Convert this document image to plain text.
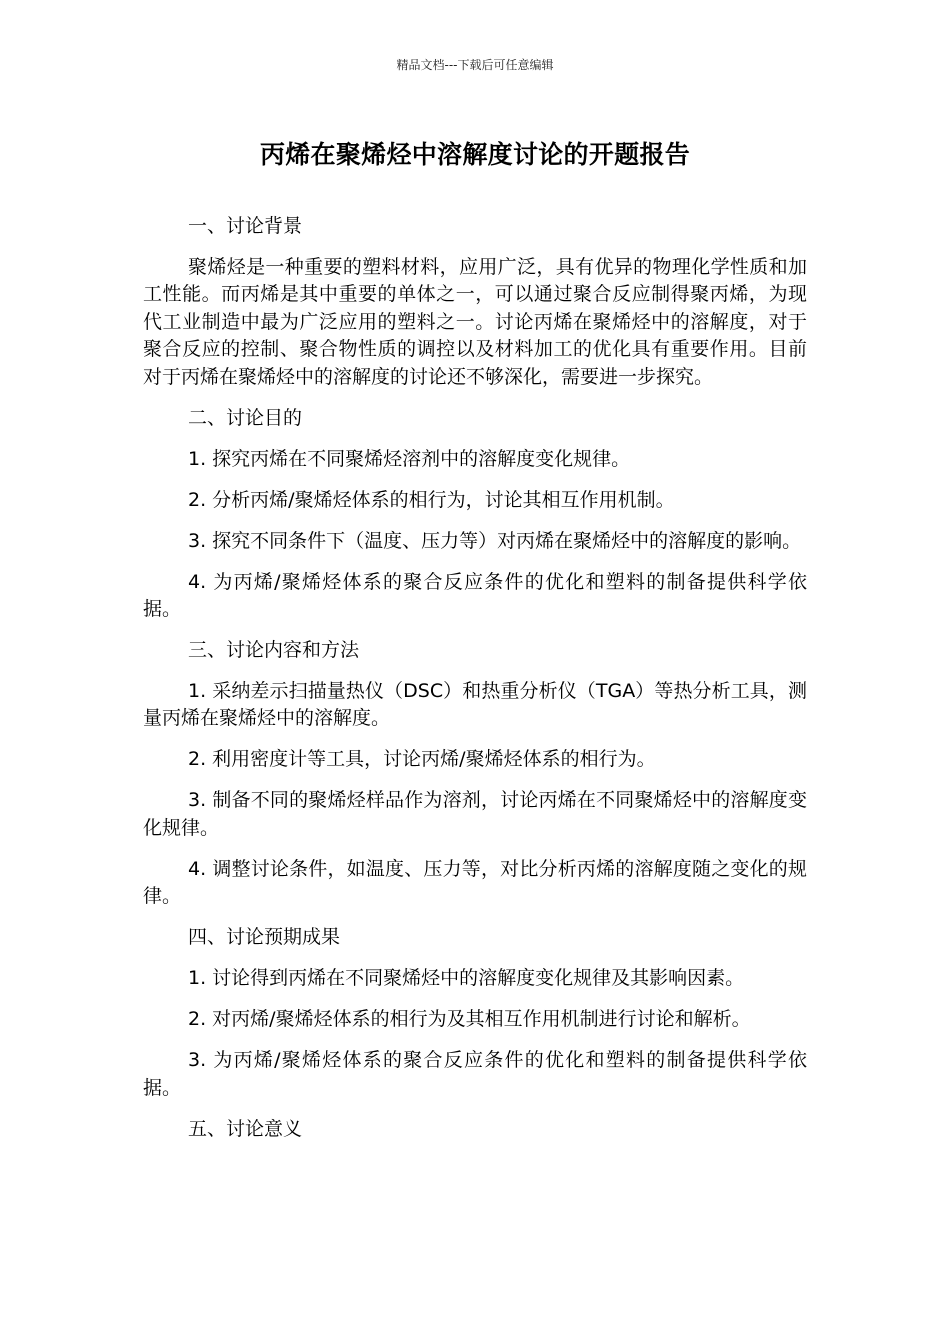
精品文档---下载后可任意编辑
丙烯在聚烯烃中溶解度讨论的开题报告

一、讨论背景

聚烯烃是一种重要的塑料材料，应用广泛，具有优异的物理化学性质和加工性能。而丙烯是其中重要的单体之一，可以通过聚合反应制得聚丙烯，为现代工业制造中最为广泛应用的塑料之一。讨论丙烯在聚烯烃中的溶解度，对于聚合反应的控制、聚合物性质的调控以及材料加工的优化具有重要作用。目前对于丙烯在聚烯烃中的溶解度的讨论还不够深化，需要进一步探究。

二、讨论目的

1. 探究丙烯在不同聚烯烃溶剂中的溶解度变化规律。

2. 分析丙烯/聚烯烃体系的相行为，讨论其相互作用机制。

3. 探究不同条件下（温度、压力等）对丙烯在聚烯烃中的溶解度的影响。

4. 为丙烯/聚烯烃体系的聚合反应条件的优化和塑料的制备提供科学依据。

三、讨论内容和方法

1. 采纳差示扫描量热仪（DSC）和热重分析仪（TGA）等热分析工具，测量丙烯在聚烯烃中的溶解度。

2. 利用密度计等工具，讨论丙烯/聚烯烃体系的相行为。

3. 制备不同的聚烯烃样品作为溶剂，讨论丙烯在不同聚烯烃中的溶解度变化规律。

4. 调整讨论条件，如温度、压力等，对比分析丙烯的溶解度随之变化的规律。

四、讨论预期成果

1. 讨论得到丙烯在不同聚烯烃中的溶解度变化规律及其影响因素。

2. 对丙烯/聚烯烃体系的相行为及其相互作用机制进行讨论和解析。

3. 为丙烯/聚烯烃体系的聚合反应条件的优化和塑料的制备提供科学依据。

五、讨论意义
